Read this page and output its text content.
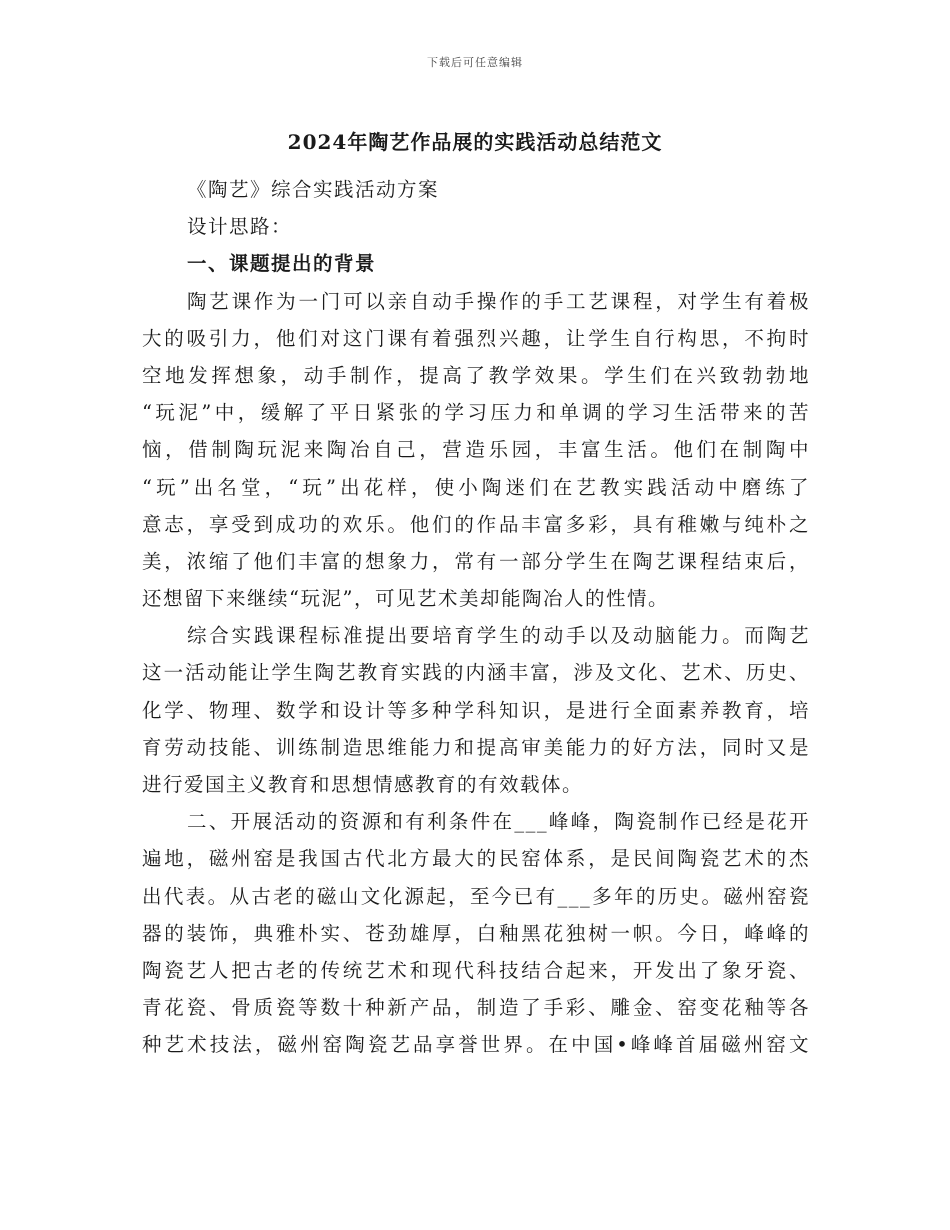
下载后可任意编辑
2024年陶艺作品展的实践活动总结范文
《陶艺》综合实践活动方案
设计思路：
一、课题提出的背景
陶艺课作为一门可以亲自动手操作的手工艺课程，对学生有着极
大的吸引力，他们对这门课有着强烈兴趣，让学生自行构思，不拘时
空地发挥想象，动手制作，提高了教学效果。学生们在兴致勃勃地
“玩泥”中，缓解了平日紧张的学习压力和单调的学习生活带来的苦
恼，借制陶玩泥来陶冶自己，营造乐园，丰富生活。他们在制陶中
“玩”出名堂，“玩”出花样，使小陶迷们在艺教实践活动中磨练了
意志，享受到成功的欢乐。他们的作品丰富多彩，具有稚嫩与纯朴之
美，浓缩了他们丰富的想象力，常有一部分学生在陶艺课程结束后，
还想留下来继续“玩泥”，可见艺术美却能陶冶人的性情。
综合实践课程标准提出要培育学生的动手以及动脑能力。而陶艺
这一活动能让学生陶艺教育实践的内涵丰富，涉及文化、艺术、历史、
化学、物理、数学和设计等多种学科知识，是进行全面素养教育，培
育劳动技能、训练制造思维能力和提高审美能力的好方法，同时又是
进行爱国主义教育和思想情感教育的有效载体。
二、开展活动的资源和有利条件在___峰峰，陶瓷制作已经是花开
遍地，磁州窑是我国古代北方最大的民窑体系，是民间陶瓷艺术的杰
出代表。从古老的磁山文化源起，至今已有___多年的历史。磁州窑瓷
器的装饰，典雅朴实、苍劲雄厚，白釉黑花独树一帜。今日，峰峰的
陶瓷艺人把古老的传统艺术和现代科技结合起来，开发出了象牙瓷、
青花瓷、骨质瓷等数十种新产品，制造了手彩、雕金、窑变花釉等各
种艺术技法，磁州窑陶瓷艺品享誉世界。在中国•峰峰首届磁州窑文
